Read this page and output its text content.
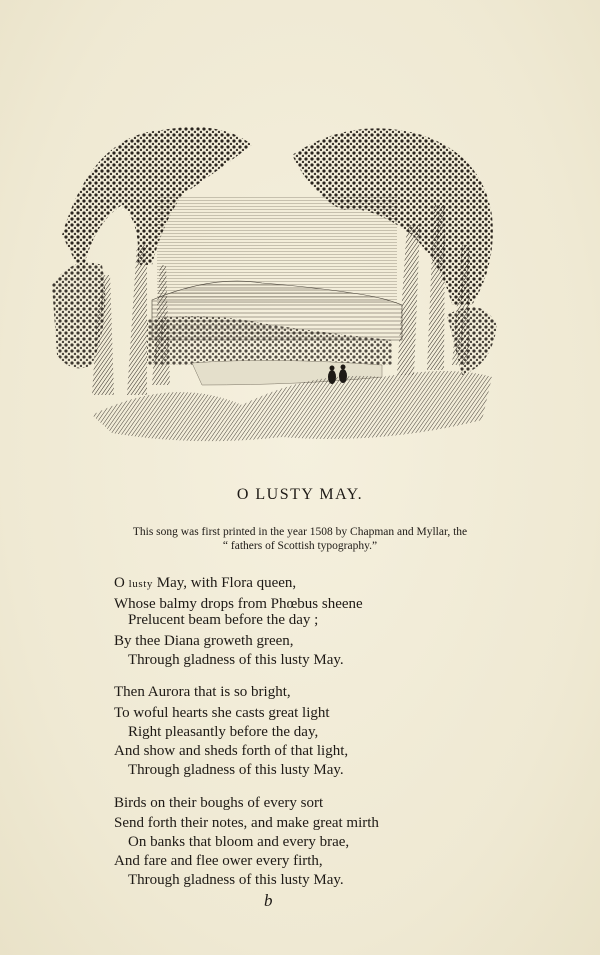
O LUSTY MAY.
This song was first printed in the year 1508 by Chapman and Myllar, the
“ fathers of Scottish typography.”
O lusty May, with Flora queen,
Whose balmy drops from Phœbus sheene
Prelucent beam before the day ;
By thee Diana groweth green,
Through gladness of this lusty May.
Then Aurora that is so bright,
To woful hearts she casts great light
Right pleasantly before the day,
And show and sheds forth of that light,
Through gladness of this lusty May.
Birds on their boughs of every sort
Send forth their notes, and make great mirth
On banks that bloom and every brae,
And fare and flee ower every firth,
Through gladness of this lusty May.
b
